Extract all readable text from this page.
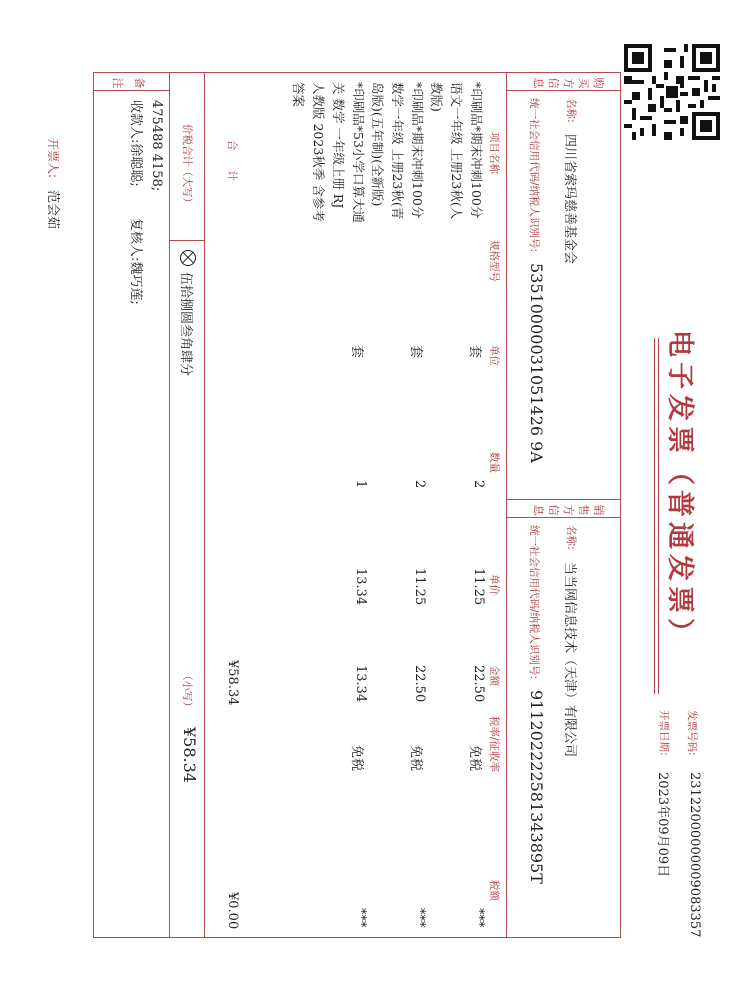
电子发票（普通发票）
发票号码:
23122000000009083357
开票日期:
2023年09月09日
购买方信息
销售方信息
名称:
四川省索玛慈善基金会
统一社会信用代码/纳税人识别号:
53510000031051426 9A
名称:
当当网信息技术（天津）有限公司
统一社会信用代码/纳税人识别号:
911202222581343895T
项目名称
规格型号
单位
数量
单价
金额
税率/征收率
税额
*印刷品*期末冲刺100分语文一年级 上册23秋(人教版)
套
2
11.25
22.50
免税
***
*印刷品*期末冲刺100分数学一年级 上册23秋(青岛版)(五年制)(全新版)
套
2
11.25
22.50
免税
***
*印刷品*53小学口算大通关 数学 一年级上册 RJ 人教版 2023秋季 含参考答案
套
1
13.34
13.34
免税
***
合计
¥58.34
¥0.00
价税合计（大写）
伍拾捌圆叁角肆分
（小写）
¥58.34
备注
475488 4158;
收款人:徐聪聪;
复核人:魏巧莲;
开票人:
范会茹
